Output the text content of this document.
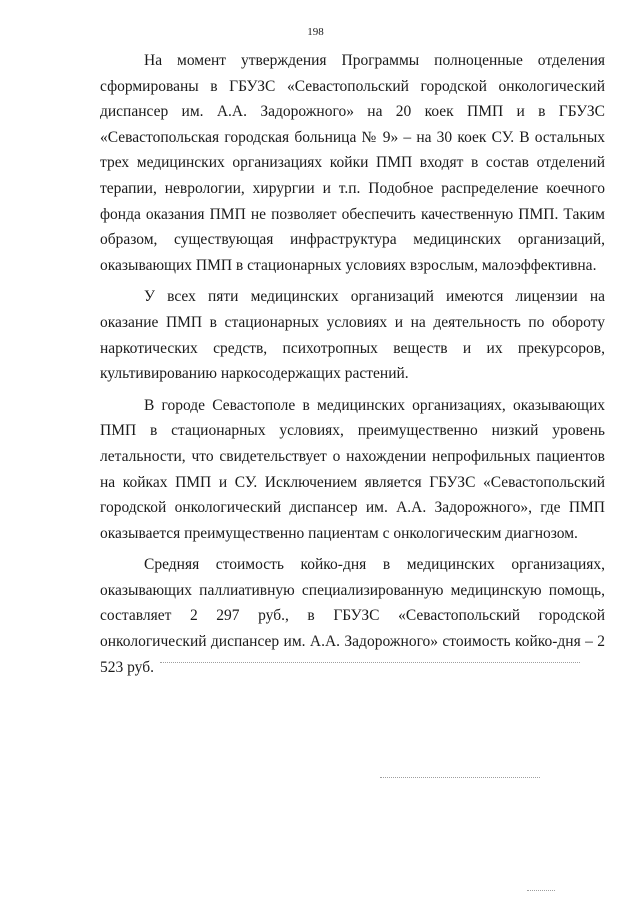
198

На момент утверждения Программы полноценные отделения сформированы в ГБУЗС «Севастопольский городской онкологический диспансер им. А.А. Задорожного» на 20 коек ПМП и в ГБУЗС «Севастопольская городская больница № 9» – на 30 коек СУ. В остальных трех медицинских организациях койки ПМП входят в состав отделений терапии, неврологии, хирургии и т.п. Подобное распределение коечного фонда оказания ПМП не позволяет обеспечить качественную ПМП. Таким образом, существующая инфраструктура медицинских организаций, оказывающих ПМП в стационарных условиях взрослым, малоэффективна.

У всех пяти медицинских организаций имеются лицензии на оказание ПМП в стационарных условиях и на деятельность по обороту наркотических средств, психотропных веществ и их прекурсоров, культивированию наркосодержащих растений.

В городе Севастополе в медицинских организациях, оказывающих ПМП в стационарных условиях, преимущественно низкий уровень летальности, что свидетельствует о нахождении непрофильных пациентов на койках ПМП и СУ. Исключением является ГБУЗС «Севастопольский городской онкологический диспансер им. А.А. Задорожного», где ПМП оказывается преимущественно пациентам с онкологическим диагнозом.

Средняя стоимость койко-дня в медицинских организациях, оказывающих паллиативную специализированную медицинскую помощь, составляет 2 297 руб., в ГБУЗС «Севастопольский городской онкологический диспансер им. А.А. Задорожного» стоимость койко-дня – 2 523 руб.
